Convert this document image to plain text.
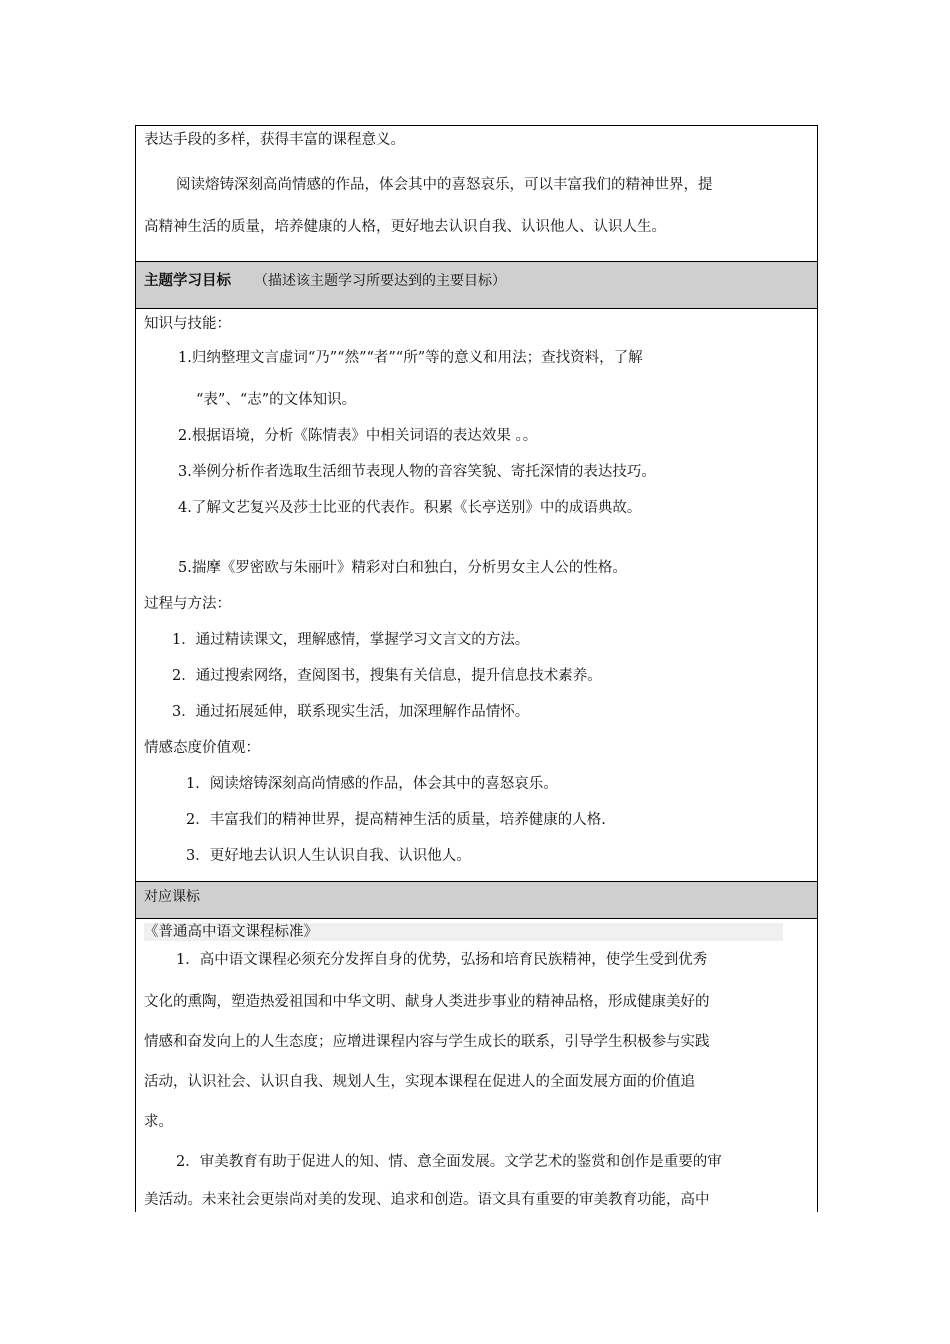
表达手段的多样，获得丰富的课程意义。
阅读熔铸深刻高尚情感的作品，体会其中的喜怒哀乐，可以丰富我们的精神世界，提
高精神生活的质量，培养健康的人格，更好地去认识自我、认识他人、认识人生。
主题学习目标 （描述该主题学习所要达到的主要目标）
知识与技能：
1.归纳整理文言虚词“乃”“然”“者”“所”等的意义和用法；查找资料，了解
“表”、“志”的文体知识。
2.根据语境，分析《陈情表》中相关词语的表达效果 。。
3.举例分析作者选取生活细节表现人物的音容笑貌、寄托深情的表达技巧。
4.了解文艺复兴及莎士比亚的代表作。积累《长亭送别》中的成语典故。
5.揣摩《罗密欧与朱丽叶》精彩对白和独白，分析男女主人公的性格。
过程与方法：
1．通过精读课文，理解感情，掌握学习文言文的方法。
2．通过搜索网络，查阅图书，搜集有关信息，提升信息技术素养。
3．通过拓展延伸，联系现实生活，加深理解作品情怀。
情感态度价值观：
1．阅读熔铸深刻高尚情感的作品，体会其中的喜怒哀乐。
2．丰富我们的精神世界，提高精神生活的质量，培养健康的人格.
3．更好地去认识人生认识自我、认识他人。
对应课标
《普通高中语文课程标准》
1．高中语文课程必须充分发挥自身的优势，弘扬和培育民族精神，使学生受到优秀
文化的熏陶，塑造热爱祖国和中华文明、献身人类进步事业的精神品格，形成健康美好的
情感和奋发向上的人生态度；应增进课程内容与学生成长的联系，引导学生积极参与实践
活动，认识社会、认识自我、规划人生，实现本课程在促进人的全面发展方面的价值追
求。
2．审美教育有助于促进人的知、情、意全面发展。文学艺术的鉴赏和创作是重要的审
美活动。未来社会更崇尚对美的发现、追求和创造。语文具有重要的审美教育功能，高中
